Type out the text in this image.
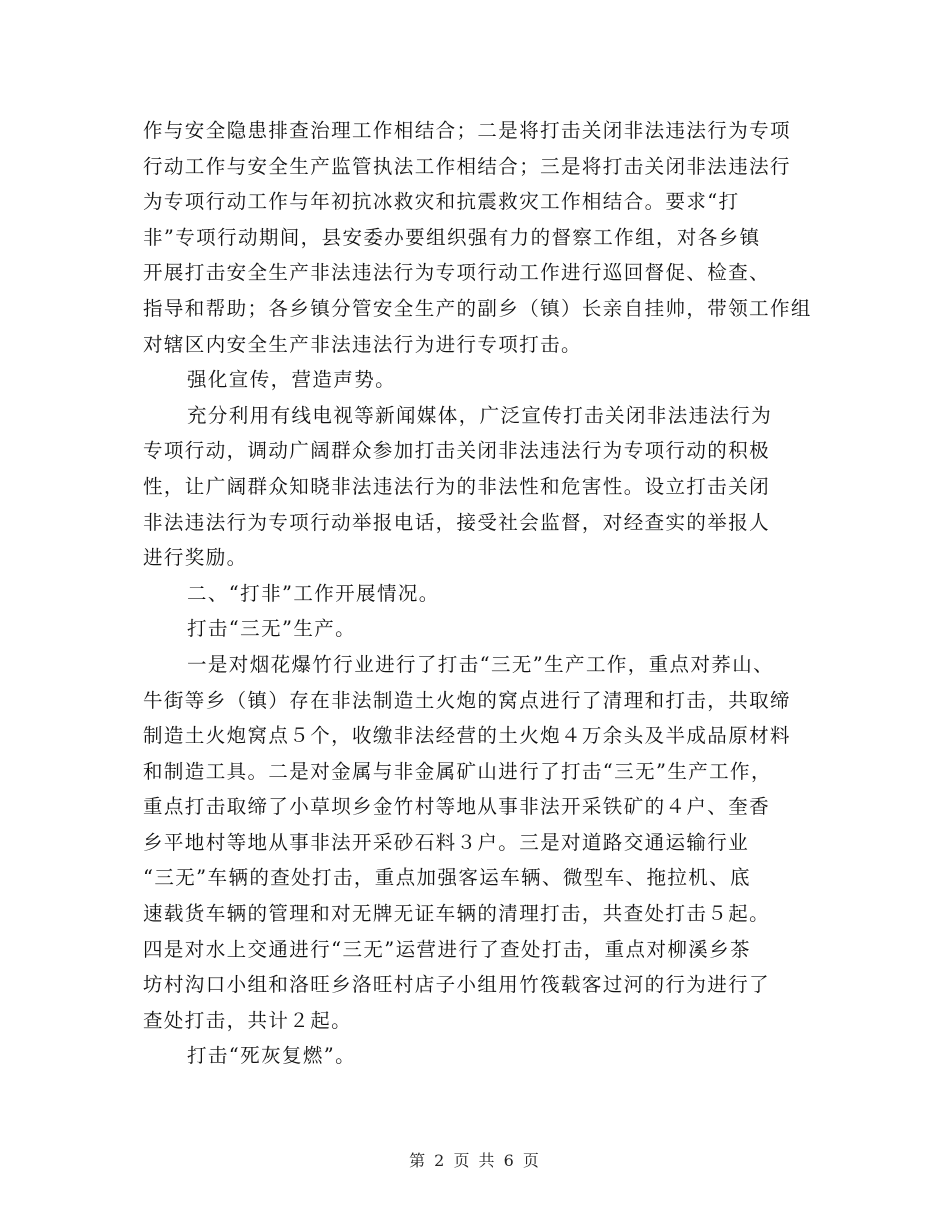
作与安全隐患排查治理工作相结合；二是将打击关闭非法违法行为专项
行动工作与安全生产监管执法工作相结合；三是将打击关闭非法违法行
为专项行动工作与年初抗冰救灾和抗震救灾工作相结合。要求“打
非”专项行动期间，县安委办要组织强有力的督察工作组，对各乡镇
开展打击安全生产非法违法行为专项行动工作进行巡回督促、检查、
指导和帮助；各乡镇分管安全生产的副乡（镇）长亲自挂帅，带领工作组
对辖区内安全生产非法违法行为进行专项打击。
强化宣传，营造声势。
充分利用有线电视等新闻媒体，广泛宣传打击关闭非法违法行为
专项行动，调动广阔群众参加打击关闭非法违法行为专项行动的积极
性，让广阔群众知晓非法违法行为的非法性和危害性。设立打击关闭
非法违法行为专项行动举报电话，接受社会监督，对经查实的举报人
进行奖励。
二、“打非”工作开展情况。
打击“三无”生产。
一是对烟花爆竹行业进行了打击“三无”生产工作，重点对荞山、
牛街等乡（镇）存在非法制造土火炮的窝点进行了清理和打击，共取缔
制造土火炮窝点５个，收缴非法经营的土火炮４万余头及半成品原材料
和制造工具。二是对金属与非金属矿山进行了打击“三无”生产工作，
重点打击取缔了小草坝乡金竹村等地从事非法开采铁矿的４户、奎香
乡平地村等地从事非法开采砂石料３户。三是对道路交通运输行业
“三无”车辆的查处打击，重点加强客运车辆、微型车、拖拉机、底
速载货车辆的管理和对无牌无证车辆的清理打击，共查处打击５起。
四是对水上交通进行“三无”运营进行了查处打击，重点对柳溪乡茶
坊村沟口小组和洛旺乡洛旺村店子小组用竹筏载客过河的行为进行了
查处打击，共计２起。
打击“死灰复燃”。
第 2 页 共 6 页
